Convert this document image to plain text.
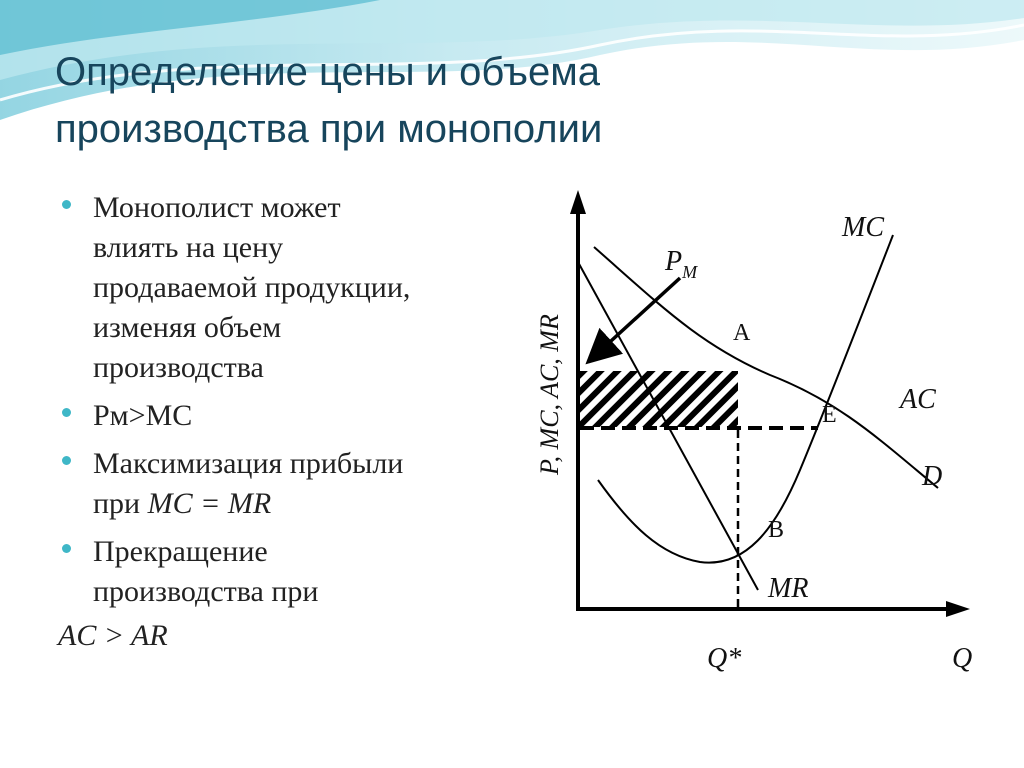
Определение цены и объема
производства при монополии
Монополист может
влиять на цену
продаваемой продукции,
изменяя объем
производства
Рм>МС
Максимизация прибыли
при MC = MR
Прекращение
производства при
AC > AR
P, MC, AC, MR
Q
Q*
$P_M$
MC
AC
D
MR
A
E
B
